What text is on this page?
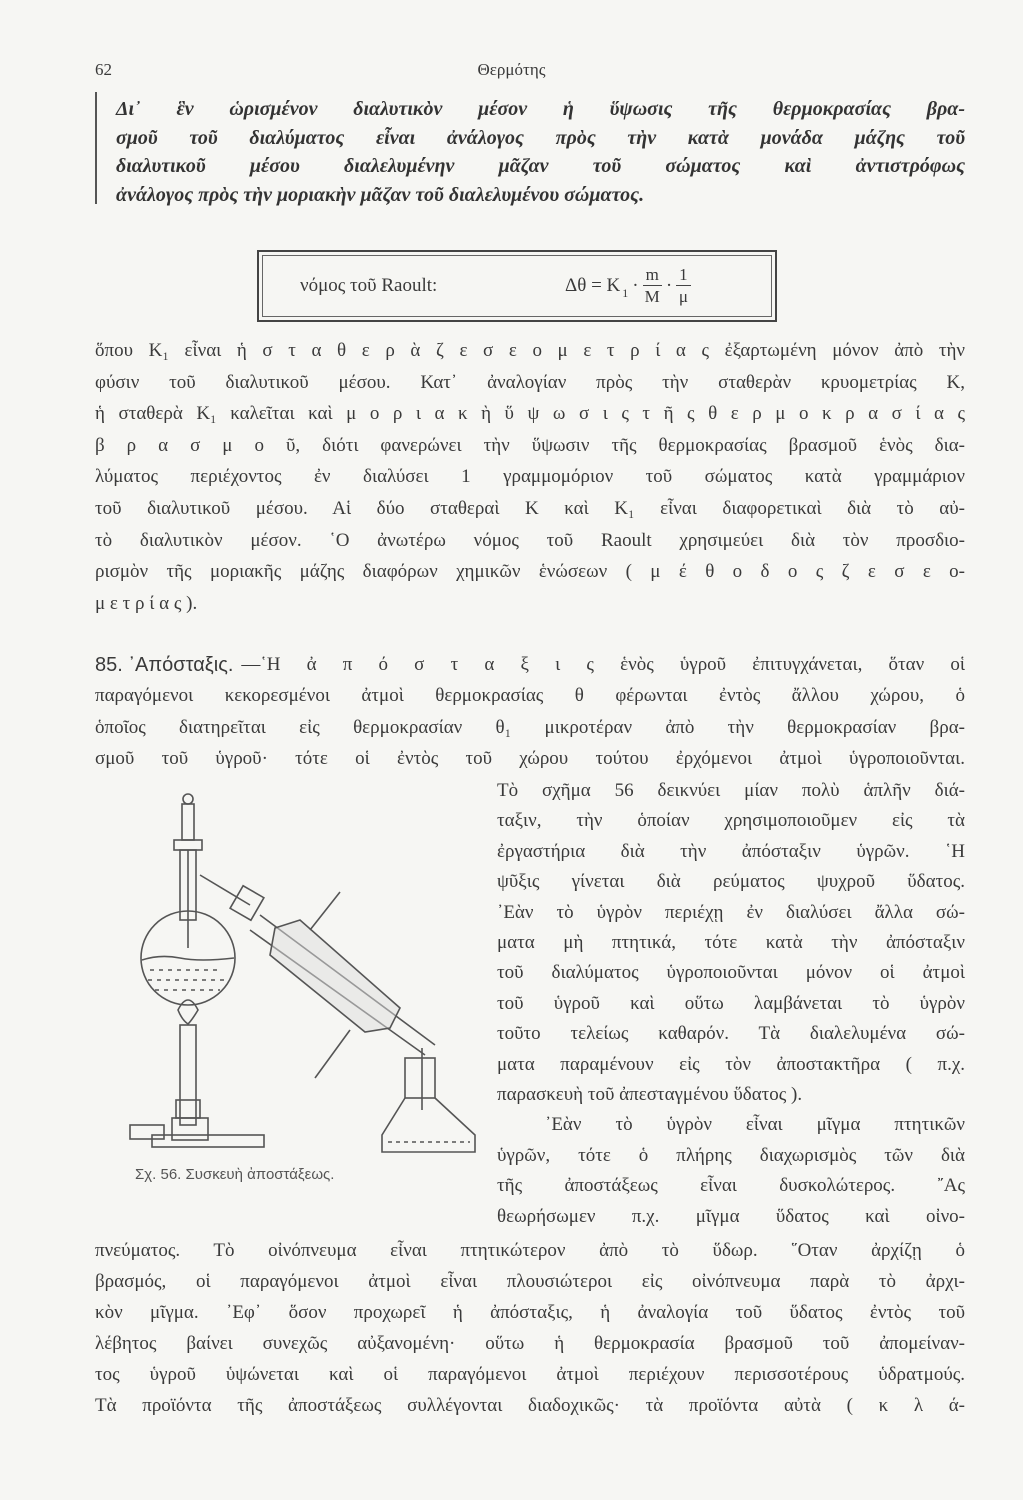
62	Θερμότης
Δι᾿ ἓν ὡρισμένον διαλυτικὸν μέσον ἡ ὕψωσις τῆς θερμοκρασίας βρα-
σμοῦ τοῦ διαλύματος εἶναι ἀνάλογος πρὸς τὴν κατὰ μονάδα μάζης τοῦ
διαλυτικοῦ μέσου διαλελυμένην μᾶζαν τοῦ σώματος καὶ ἀντιστρόφως
ἀνάλογος πρὸς τὴν μοριακὴν μᾶζαν τοῦ διαλελυμένου σώματος.
νόμος τοῦ Raoult:	Δθ = K $1 \cdot \frac{m}{M} \cdot \frac{1}{\mu}$
ὅπου K₁ εἶναι ἡ σ τ α θ ε ρ ὰ ζ ε σ ε ο μ ε τ ρ ί α ς ἐξαρτωμένη μόνον ἀπὸ τὴν
φύσιν τοῦ διαλυτικοῦ μέσου. Κατ᾿ ἀναλογίαν πρὸς τὴν σταθερὰν κρυομετρίας K,
ἡ σταθερὰ K₁ καλεῖται καὶ μ ο ρ ι α κ ὴ ὕ ψ ω σ ι ς τ ῆ ς θ ε ρ μ ο κ ρ α σ ί α ς
β ρ α σ μ ο ῦ, διότι φανερώνει τὴν ὕψωσιν τῆς θερμοκρασίας βρασμοῦ ἑνὸς δια-
λύματος περιέχοντος ἐν διαλύσει 1 γραμμομόριον τοῦ σώματος κατὰ γραμμάριον
τοῦ διαλυτικοῦ μέσου. Αἱ δύο σταθεραὶ K καὶ K₁ εἶναι διαφορετικαὶ διὰ τὸ αὐ-
τὸ διαλυτικὸν μέσον. ῾Ο ἀνωτέρω νόμος τοῦ Raoult χρησιμεύει διὰ τὸν προσδιο-
ρισμὸν τῆς μοριακῆς μάζης διαφόρων χημικῶν ἑνώσεων ( μ έ θ ο δ ο ς ζ ε σ ε ο-
μ ε τ ρ ί α ς ).
85. ᾿Απόσταξις. —῾Η ἀ π ό σ τ α ξ ι ς ἑνὸς ὑγροῦ ἐπιτυγχάνεται, ὅταν οἱ
παραγόμενοι κεκορεσμένοι ἀτμοὶ θερμοκρασίας θ φέρωνται ἐντὸς ἄλλου χώρου, ὁ
ὁποῖος διατηρεῖται εἰς θερμοκρασίαν θ₁ μικροτέραν ἀπὸ τὴν θερμοκρασίαν βρα-
σμοῦ τοῦ ὑγροῦ· τότε οἱ ἐντὸς τοῦ χώρου τούτου ἐρχόμενοι ἀτμοὶ ὑγροποιοῦνται.
Τὸ σχῆμα 56 δεικνύει μίαν πολὺ ἁπλῆν διά-
ταξιν, τὴν ὁποίαν χρησιμοποιοῦμεν εἰς τὰ
ἐργαστήρια διὰ τὴν ἀπόσταξιν ὑγρῶν. ῾Η
ψῦξις γίνεται διὰ ρεύματος ψυχροῦ ὕδατος.
᾿Εὰν τὸ ὑγρὸν περιέχῃ ἐν διαλύσει ἄλλα σώ-
ματα μὴ πτητικά, τότε κατὰ τὴν ἀπόσταξιν
τοῦ διαλύματος ὑγροποιοῦνται μόνον οἱ ἀτμοὶ
τοῦ ὑγροῦ καὶ οὕτω λαμβάνεται τὸ ὑγρὸν
τοῦτο τελείως καθαρόν. Τὰ διαλελυμένα σώ-
ματα παραμένουν εἰς τὸν ἀποστακτῆρα ( π.χ.
παρασκευὴ τοῦ ἀπεσταγμένου ὕδατος ).
᾿Εὰν τὸ ὑγρὸν εἶναι μῖγμα πτητικῶν
ὑγρῶν, τότε ὁ πλήρης διαχωρισμὸς τῶν διὰ
τῆς ἀποστάξεως εἶναι δυσκολώτερος. ῎Ας
θεωρήσωμεν π.χ. μῖγμα ὕδατος καὶ οἰνο-
πνεύματος. Τὸ οἰνόπνευμα εἶναι πτητικώτερον ἀπὸ τὸ ὕδωρ. ῞Οταν ἀρχίζῃ ὁ
βρασμός, οἱ παραγόμενοι ἀτμοὶ εἶναι πλουσιώτεροι εἰς οἰνόπνευμα παρὰ τὸ ἀρχι-
κὸν μῖγμα. ᾿Εφ᾿ ὅσον προχωρεῖ ἡ ἀπόσταξις, ἡ ἀναλογία τοῦ ὕδατος ἐντὸς τοῦ
λέβητος βαίνει συνεχῶς αὐξανομένη· οὕτω ἡ θερμοκρασία βρασμοῦ τοῦ ἀπομείναν-
τος ὑγροῦ ὑψώνεται καὶ οἱ παραγόμενοι ἀτμοὶ περιέχουν περισσοτέρους ὑδρατμούς.
Τὰ προϊόντα τῆς ἀποστάξεως συλλέγονται διαδοχικῶς· τὰ προϊόντα αὐτὰ ( κ λ ά-
Σχ. 56. Συσκευὴ ἀποστάξεως.
